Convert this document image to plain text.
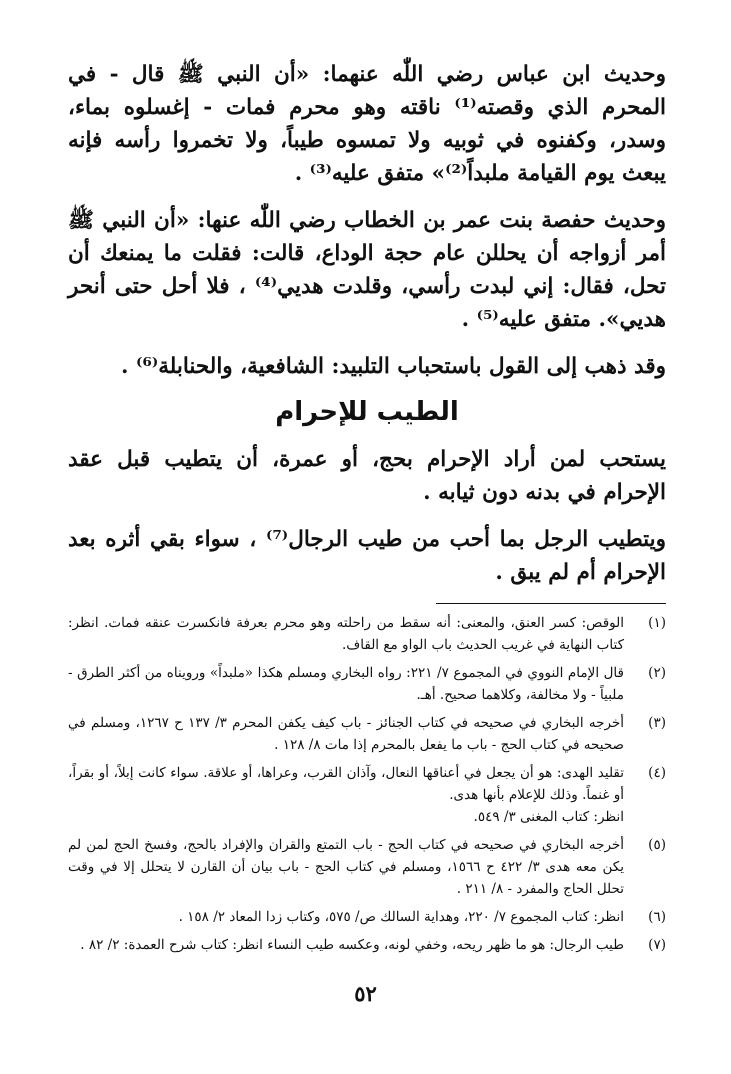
وحديث ابن عباس رضي اللّٰه عنهما: «أن النبي ﷺ قال - في المحرم الذي وقصته⁽¹⁾ ناقته وهو محرم فمات - إغسلوه بماء، وسدر، وكفنوه في ثوبيه ولا تمسوه طيباً، ولا تخمروا رأسه فإنه يبعث يوم القيامة ملبداً⁽²⁾» متفق عليه⁽³⁾ .

وحديث حفصة بنت عمر بن الخطاب رضي اللّٰه عنها: «أن النبي ﷺ أمر أزواجه أن يحللن عام حجة الوداع، قالت: فقلت ما يمنعك أن تحل، فقال: إني لبدت رأسي، وقلدت هديي⁽⁴⁾ ، فلا أحل حتى أنحر هديي». متفق عليه⁽⁵⁾ .

وقد ذهب إلى القول باستحباب التلبيد: الشافعية، والحنابلة⁽⁶⁾ .

الطيب للإحرام

يستحب لمن أراد الإحرام بحج، أو عمرة، أن يتطيب قبل عقد الإحرام في بدنه دون ثيابه .

ويتطيب الرجل بما أحب من طيب الرجال⁽⁷⁾ ، سواء بقي أثره بعد الإحرام أم لم يبق .

(١)
الوقص: كسر العنق، والمعنى: أنه سقط من راحلته وهو محرم بعرفة فانكسرت عنقه فمات. انظر: كتاب النهاية في غريب الحديث باب الواو مع القاف.
(٢)
قال الإمام النووي في المجموع ٧/ ٢٢١: رواه البخاري ومسلم هكذا «ملبداً» ورويناه من أكثر الطرق - ملبياً - ولا مخالفة، وكلاهما صحيح. أهـ.
(٣)
أخرجه البخاري في صحيحه في كتاب الجنائز - باب كيف يكفن المحرم ٣/ ١٣٧ ح ١٢٦٧، ومسلم في صحيحه في كتاب الحج - باب ما يفعل بالمحرم إذا مات ٨/ ١٢٨ .
(٤)
تقليد الهدى: هو أن يجعل في أعناقها النعال، وآذان القرب، وعراها، أو علاقة. سواء كانت إبلاً، أو بقراً، أو غنماً. وذلك للإعلام بأنها هدى.
انظر: كتاب المغنى ٣/ ٥٤٩.
(٥)
أخرجه البخاري في صحيحه في كتاب الحج - باب التمتع والقران والإفراد بالحج، وفسخ الحج لمن لم يكن معه هدى ٣/ ٤٢٢ ح ١٥٦٦، ومسلم في كتاب الحج - باب بيان أن القارن لا يتحلل إلا في وقت تحلل الحاج والمفرد - ٨/ ٢١١ .
(٦)
انظر: كتاب المجموع ٧/ ٢٢٠، وهداية السالك ص/ ٥٧٥، وكتاب زدا المعاد ٢/ ١٥٨ .
(٧)
طيب الرجال: هو ما ظهر ريحه، وخفي لونه، وعكسه طيب النساء انظر: كتاب شرح العمدة: ٢/ ٨٢ .
٥٢
